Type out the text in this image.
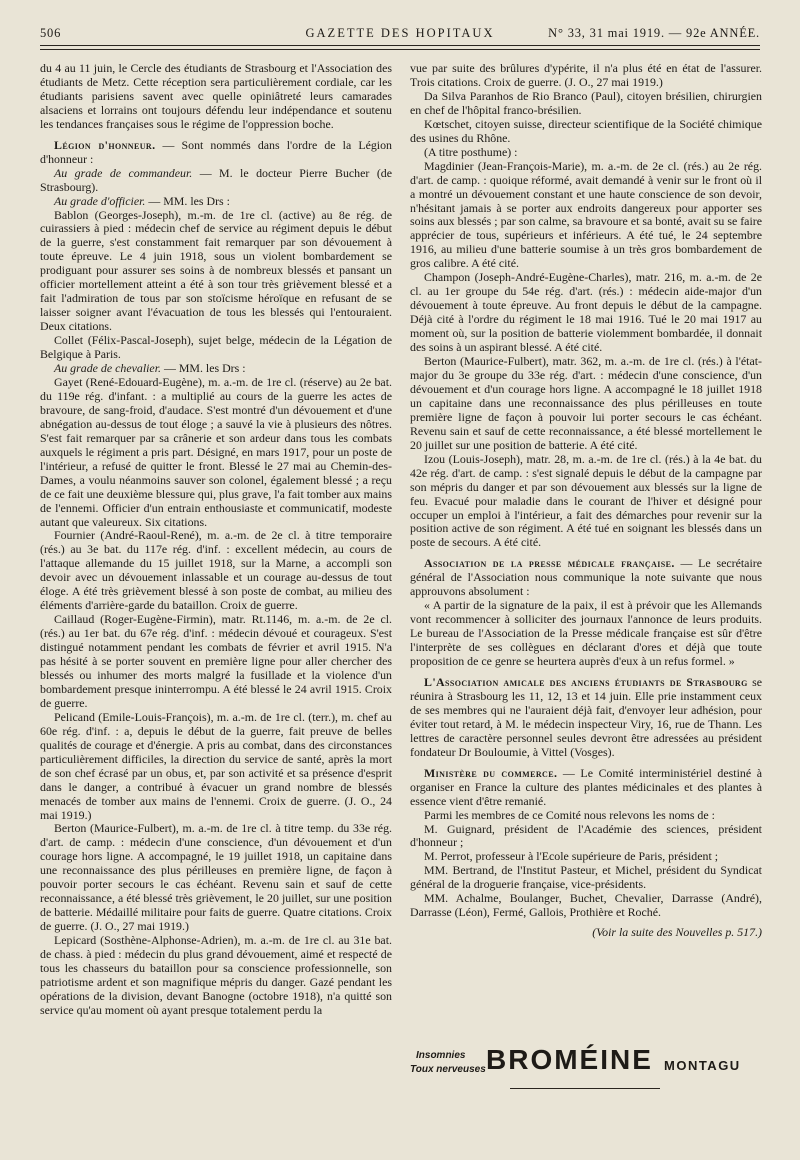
GAZETTE DES HOPITAUX
506	N° 33, 31 mai 1919. — 92e ANNÉE.

du 4 au 11 juin, le Cercle des étudiants de Strasbourg et l'Association des étudiants de Metz. Cette réception sera particulièrement cordiale, car les étudiants parisiens savent avec quelle opiniâtreté leurs camarades alsaciens et lorrains ont toujours défendu leur indépendance et soutenu les tendances françaises sous le régime de l'oppression boche.

Légion d'honneur. — Sont nommés dans l'ordre de la Légion d'honneur :

Au grade de commandeur. — M. le docteur Pierre Bucher (de Strasbourg).

Au grade d'officier. — MM. les Drs :

Bablon (Georges-Joseph), m.-m. de 1re cl. (active) au 8e rég. de cuirassiers à pied : médecin chef de service au régiment depuis le début de la guerre, s'est constamment fait remarquer par son dévouement à toute épreuve. Le 4 juin 1918, sous un violent bombardement se prodiguant pour assurer ses soins à de nombreux blessés et pansant un officier mortellement atteint a été à son tour très grièvement blessé et a fait l'admiration de tous par son stoïcisme héroïque en refusant de se laisser soigner avant l'évacuation de tous les blessés qui l'entouraient. Deux citations.

Collet (Félix-Pascal-Joseph), sujet belge, médecin de la Légation de Belgique à Paris.

Au grade de chevalier. — MM. les Drs :

Gayet (René-Edouard-Eugène), m. a.-m. de 1re cl. (réserve) au 2e bat. du 119e rég. d'infant. : a multiplié au cours de la guerre les actes de bravoure, de sang-froid, d'audace. S'est montré d'un dévouement et d'une abnégation au-dessus de tout éloge ; a sauvé la vie à plusieurs des nôtres. S'est fait remarquer par sa crânerie et son ardeur dans tous les combats auxquels le régiment a pris part. Désigné, en mars 1917, pour un poste de l'intérieur, a refusé de quitter le front. Blessé le 27 mai au Chemin-des-Dames, a voulu néanmoins sauver son colonel, également blessé ; a reçu de ce fait une deuxième blessure qui, plus grave, l'a fait tomber aux mains de l'ennemi. Officier d'un entrain enthousiaste et communicatif, modeste autant que valeureux. Six citations.

Fournier (André-Raoul-René), m. a.-m. de 2e cl. à titre temporaire (rés.) au 3e bat. du 117e rég. d'inf. : excellent médecin, au cours de l'attaque allemande du 15 juillet 1918, sur la Marne, a accompli son devoir avec un dévouement inlassable et un courage au-dessus de tout éloge. A été très grièvement blessé à son poste de combat, au milieu des éléments d'arrière-garde du bataillon. Croix de guerre.

Caillaud (Roger-Eugène-Firmin), matr. Rt.1146, m. a.-m. de 2e cl. (rés.) au 1er bat. du 67e rég. d'inf. : médecin dévoué et courageux. S'est distingué notamment pendant les combats de février et avril 1915. N'a pas hésité à se porter souvent en première ligne pour aller chercher des blessés ou inhumer des morts malgré la fusillade et la violence d'un bombardement presque ininterrompu. A été blessé le 24 avril 1915. Croix de guerre.

Pelicand (Emile-Louis-François), m. a.-m. de 1re cl. (terr.), m. chef au 60e rég. d'inf. : a, depuis le début de la guerre, fait preuve de belles qualités de courage et d'énergie. A pris au combat, dans des circonstances particulièrement difficiles, la direction du service de santé, après la mort de son chef écrasé par un obus, et, par son activité et sa présence d'esprit dans le danger, a contribué à évacuer un grand nombre de blessés menacés de tomber aux mains de l'ennemi. Croix de guerre. (J. O., 24 mai 1919.)

Berton (Maurice-Fulbert), m. a.-m. de 1re cl. à titre temp. du 33e rég. d'art. de camp. : médecin d'une conscience, d'un dévouement et d'un courage hors ligne. A accompagné, le 19 juillet 1918, un capitaine dans une reconnaissance des plus périlleuses en première ligne, de façon à pouvoir porter secours le cas échéant. Revenu sain et sauf de cette reconnaissance, a été blessé très grièvement, le 20 juillet, sur une position de batterie. Médaillé militaire pour faits de guerre. Quatre citations. Croix de guerre. (J. O., 27 mai 1919.)

Lepicard (Sosthène-Alphonse-Adrien), m. a.-m. de 1re cl. au 31e bat. de chass. à pied : médecin du plus grand dévouement, aimé et respecté de tous les chasseurs du bataillon pour sa conscience professionnelle, son patriotisme ardent et son magnifique mépris du danger. Gazé pendant les opérations de la division, devant Banogne (octobre 1918), n'a quitté son service qu'au moment où ayant presque totalement perdu la

vue par suite des brûlures d'ypérite, il n'a plus été en état de l'assurer. Trois citations. Croix de guerre. (J. O., 27 mai 1919.)

Da Silva Paranhos de Rio Branco (Paul), citoyen brésilien, chirurgien en chef de l'hôpital franco-brésilien.

Kœtschet, citoyen suisse, directeur scientifique de la Société chimique des usines du Rhône.

(A titre posthume) :

Magdinier (Jean-François-Marie), m. a.-m. de 2e cl. (rés.) au 2e rég. d'art. de camp. : quoique réformé, avait demandé à venir sur le front où il a montré un dévouement constant et une haute conscience de son devoir, n'hésitant jamais à se porter aux endroits dangereux pour apporter ses soins aux blessés ; par son calme, sa bravoure et sa bonté, avait su se faire apprécier de tous, supérieurs et inférieurs. A été tué, le 24 septembre 1916, au milieu d'une batterie soumise à un très gros bombardement de gros calibre. A été cité.

Champon (Joseph-André-Eugène-Charles), matr. 216, m. a.-m. de 2e cl. au 1er groupe du 54e rég. d'art. (rés.) : médecin aide-major d'un dévouement à toute épreuve. Au front depuis le début de la campagne. Déjà cité à l'ordre du régiment le 18 mai 1916. Tué le 20 mai 1917 au moment où, sur la position de batterie violemment bombardée, il donnait des soins à un aspirant blessé. A été cité.

Berton (Maurice-Fulbert), matr. 362, m. a.-m. de 1re cl. (rés.) à l'état-major du 3e groupe du 33e rég. d'art. : médecin d'une conscience, d'un dévouement et d'un courage hors ligne. A accompagné le 18 juillet 1918 un capitaine dans une reconnaissance des plus périlleuses en toute première ligne de façon à pouvoir lui porter secours le cas échéant. Revenu sain et sauf de cette reconnaissance, a été blessé mortellement le 20 juillet sur une position de batterie. A été cité.

Izou (Louis-Joseph), matr. 28, m. a.-m. de 1re cl. (rés.) à la 4e bat. du 42e rég. d'art. de camp. : s'est signalé depuis le début de la campagne par son mépris du danger et par son dévouement aux blessés sur la ligne de feu. Evacué pour maladie dans le courant de l'hiver et désigné pour occuper un emploi à l'intérieur, a fait des démarches pour revenir sur la position active de son régiment. A été tué en soignant les blessés dans un poste de secours. A été cité.

Association de la presse médicale française. — Le secrétaire général de l'Association nous communique la note suivante que nous approuvons absolument :

« A partir de la signature de la paix, il est à prévoir que les Allemands vont recommencer à solliciter des journaux l'annonce de leurs produits. Le bureau de l'Association de la Presse médicale française est sûr d'être l'interprète de ses collègues en déclarant d'ores et déjà que toute proposition de ce genre se heurtera auprès d'eux à un refus formel. »

L'Association amicale des anciens étudiants de Strasbourg se réunira à Strasbourg les 11, 12, 13 et 14 juin. Elle prie instamment ceux de ses membres qui ne l'auraient déjà fait, d'envoyer leur adhésion, pour éviter tout retard, à M. le médecin inspecteur Viry, 16, rue de Thann. Les lettres de caractère personnel seules devront être adressées au président fondateur Dr Bouloumie, à Vittel (Vosges).

Ministère du commerce. — Le Comité interministériel destiné à organiser en France la culture des plantes médicinales et des plantes à essence vient d'être remanié.

Parmi les membres de ce Comité nous relevons les noms de :

M. Guignard, président de l'Académie des sciences, président d'honneur ;

M. Perrot, professeur à l'Ecole supérieure de Paris, président ;

MM. Bertrand, de l'Institut Pasteur, et Michel, président du Syndicat général de la droguerie française, vice-présidents.

MM. Achalme, Boulanger, Buchet, Chevalier, Darrasse (André), Darrasse (Léon), Fermé, Gallois, Prothière et Roché.

(Voir la suite des Nouvelles p. 517.)

Insomnies
Toux nerveuses BROMÉINE MONTAGU
